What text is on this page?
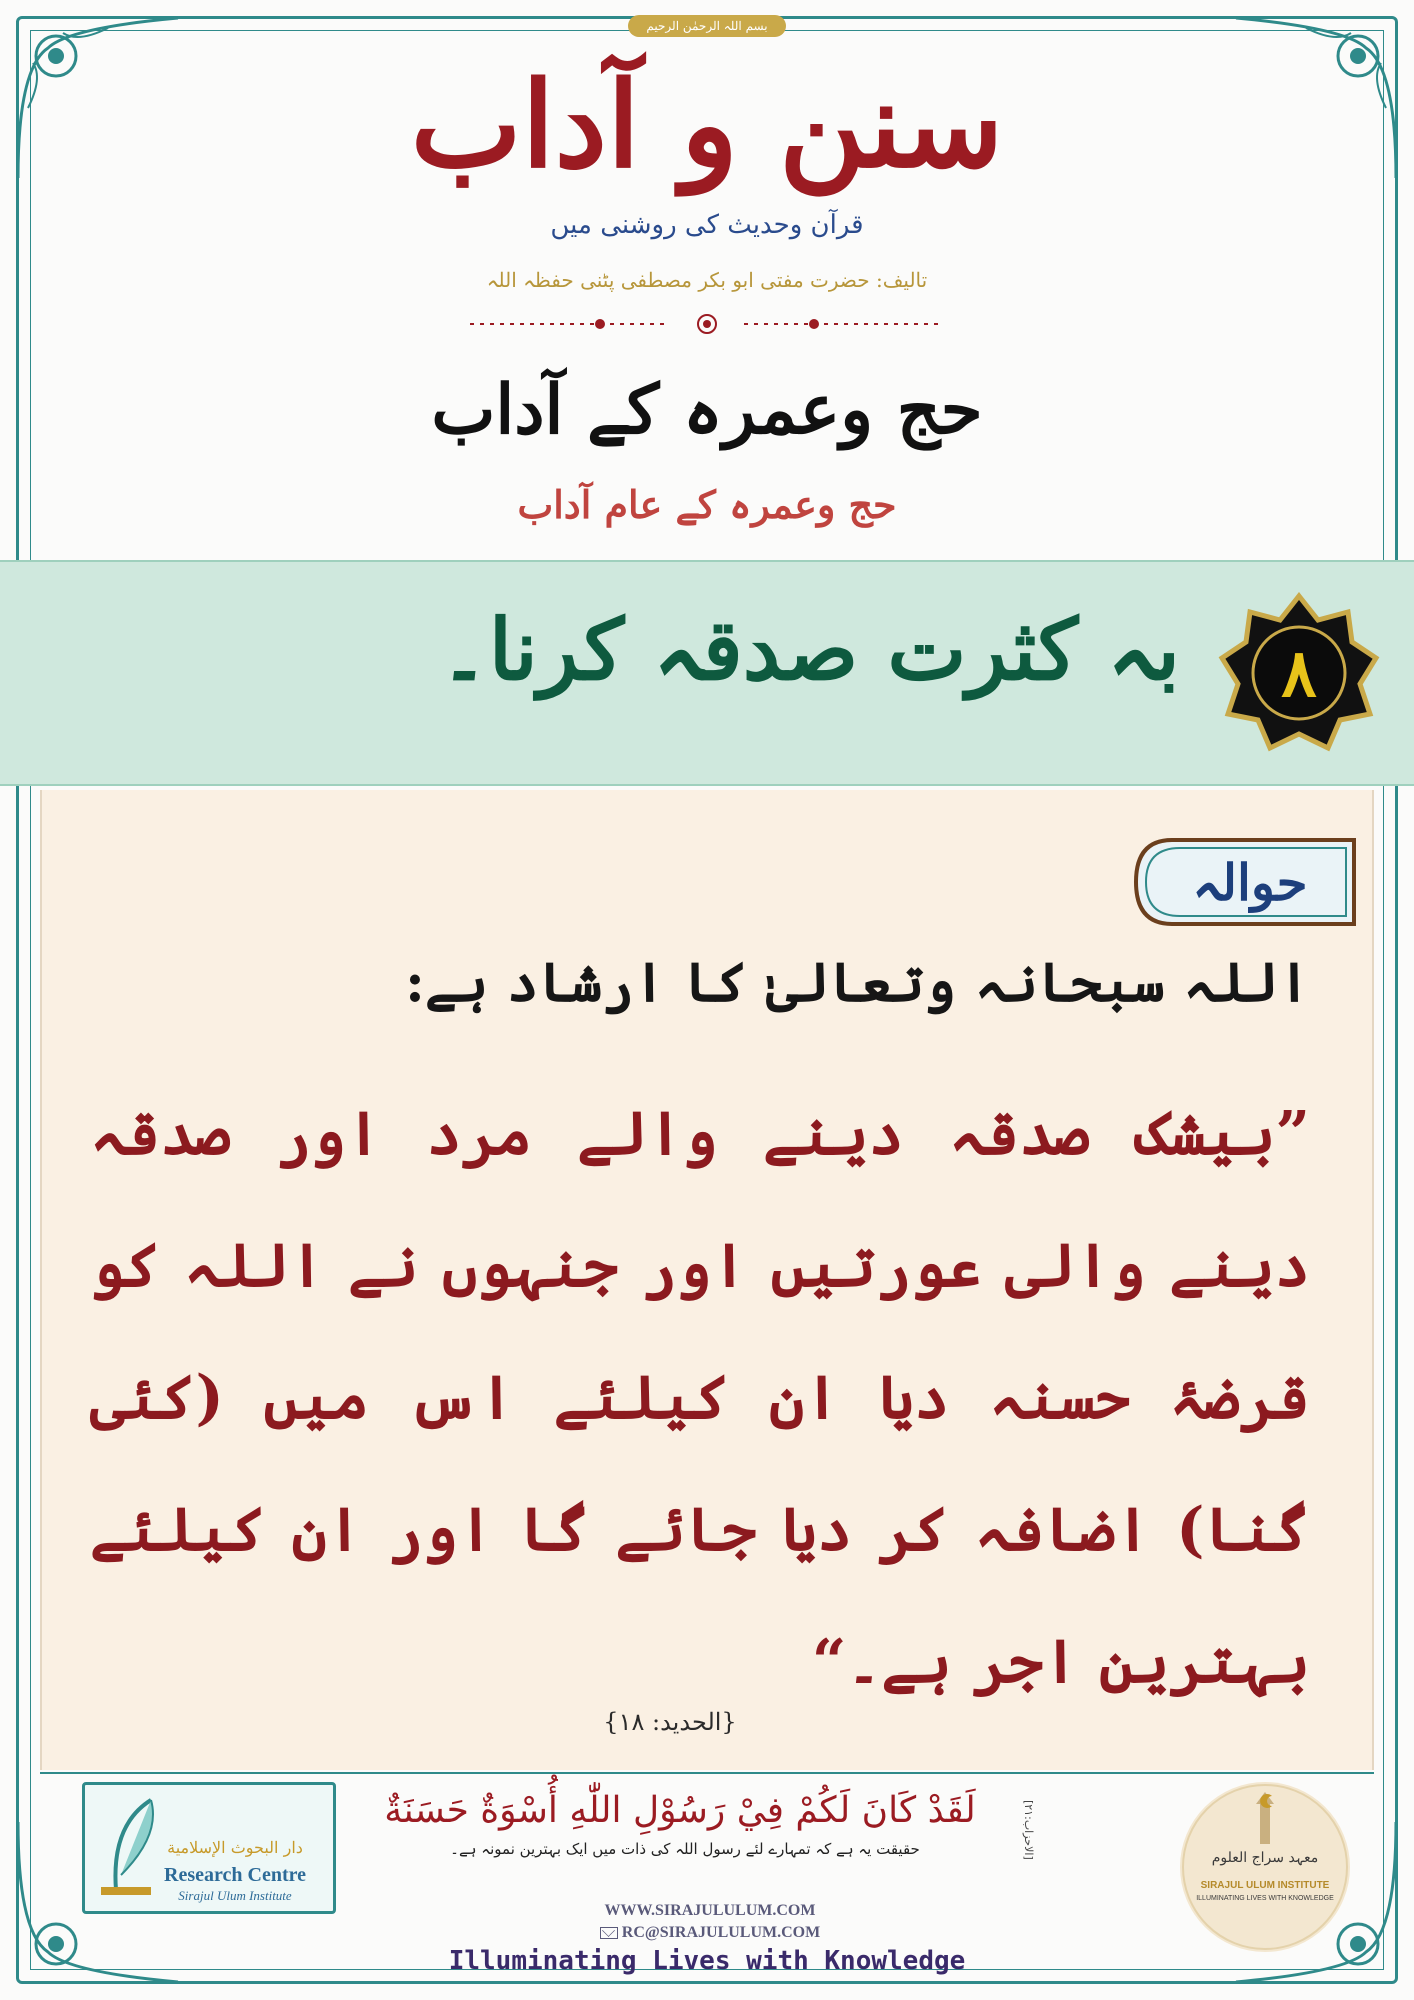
بسم اللہ الرحمٰن الرحیم
سنن و آداب
قرآن وحدیث کی روشنی میں
تالیف: حضرت مفتی ابو بکر مصطفی پٹنی حفظہ اللہ
حج وعمرہ کے آداب
حج وعمرہ کے عام آداب
بہ کثرت صدقہ کرنا۔	۸
حوالہ
اللہ سبحانہ وتعالیٰ کا ارشاد ہے:
”بیشک صدقہ دینے والے مرد اور صدقہ دینے والی عورتیں اور جنہوں نے اللہ کو قرضۂ حسنہ دیا ان کیلئے اس میں (کئی گنا) اضافہ کر دیا جائے گا اور ان کیلئے بہترین اجر ہے۔“
{الحدید: ۱۸}
دار البحوث الإسلامية
Research Centre
Sirajul Ulum Institute
لَقَدْ كَانَ لَكُمْ فِيْ رَسُوْلِ اللّٰهِ أُسْوَةٌ حَسَنَةٌ	[الاحزاب:۲۱]
حقیقت یہ ہے کہ تمہارے لئے رسول اللہ کی ذات میں ایک بہترین نمونہ ہے۔
WWW.SIRAJULULUM.COM
RC@SIRAJULULUM.COM
Illuminating Lives with Knowledge
معہد سراج العلوم
SIRAJUL ULUM INSTITUTE
ILLUMINATING LIVES WITH KNOWLEDGE
